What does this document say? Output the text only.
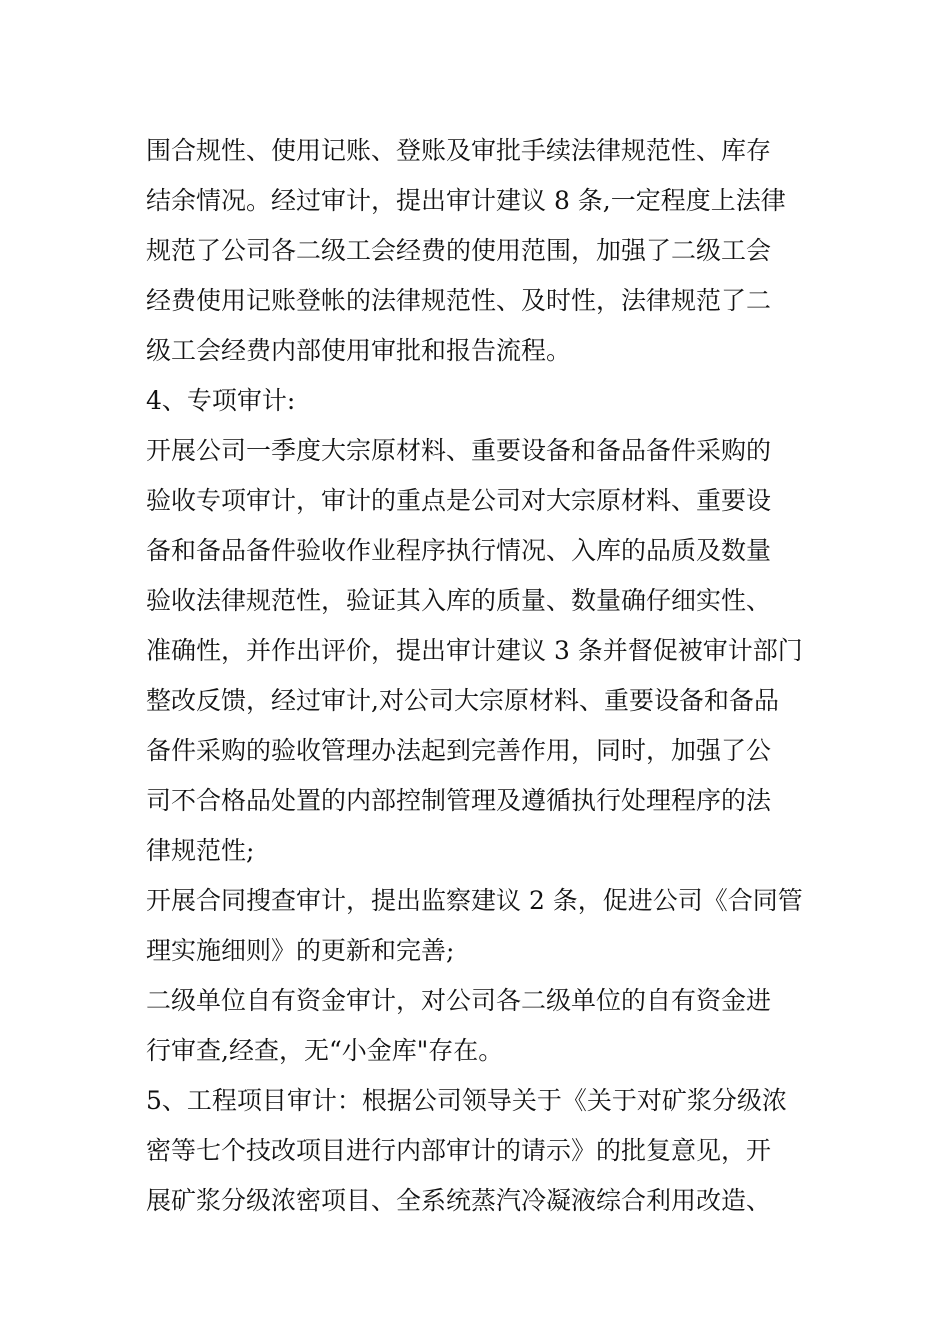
围合规性、使用记账、登账及审批手续法律规范性、库存
结余情况。经过审计，提出审计建议 8 条,一定程度上法律
规范了公司各二级工会经费的使用范围，加强了二级工会
经费使用记账登帐的法律规范性、及时性，法律规范了二
级工会经费内部使用审批和报告流程。
4、专项审计:
开展公司一季度大宗原材料、重要设备和备品备件采购的
验收专项审计，审计的重点是公司对大宗原材料、重要设
备和备品备件验收作业程序执行情况、入库的品质及数量
验收法律规范性，验证其入库的质量、数量确仔细实性、
准确性，并作出评价，提出审计建议 3 条并督促被审计部门
整改反馈，经过审计,对公司大宗原材料、重要设备和备品
备件采购的验收管理办法起到完善作用，同时，加强了公
司不合格品处置的内部控制管理及遵循执行处理程序的法
律规范性;
开展合同搜查审计，提出监察建议 2 条，促进公司《合同管
理实施细则》的更新和完善;
二级单位自有资金审计，对公司各二级单位的自有资金进
行审查,经查，无“小金库"存在。
5、工程项目审计：根据公司领导关于《关于对矿浆分级浓
密等七个技改项目进行内部审计的请示》的批复意见，开
展矿浆分级浓密项目、全系统蒸汽冷凝液综合利用改造、
